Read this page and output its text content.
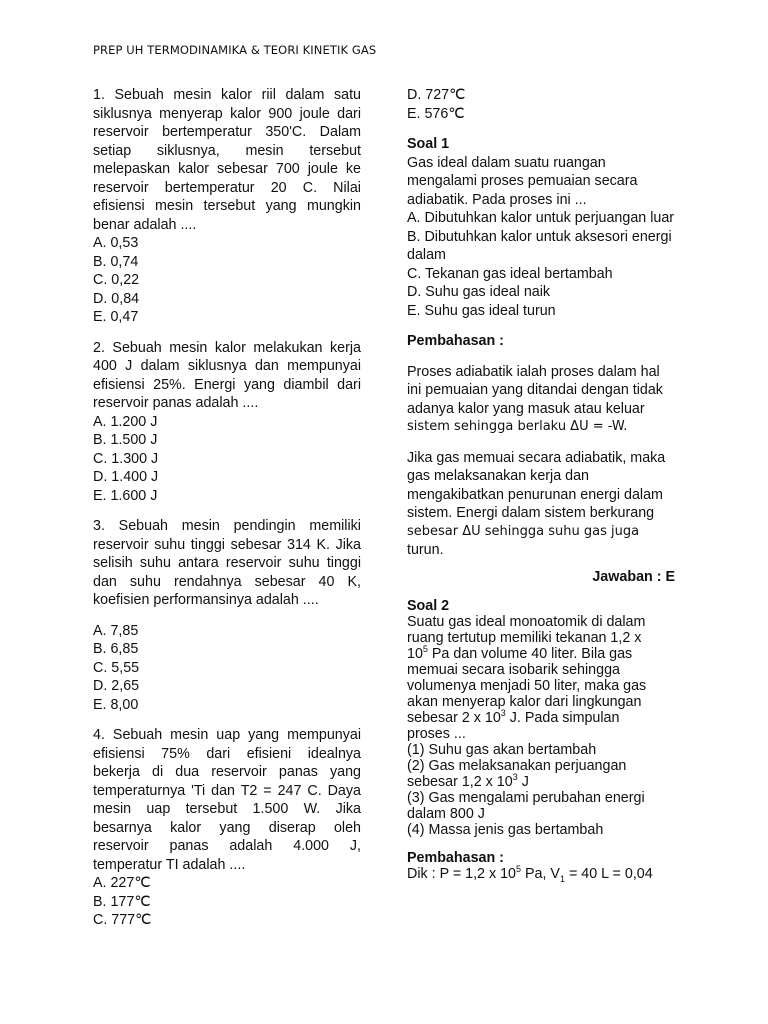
PREP UH TERMODINAMIKA & TEORI KINETIK GAS

1. Sebuah mesin kalor riil dalam satu siklusnya menyerap kalor 900 joule dari reservoir bertemperatur 350'C. Dalam setiap siklusnya, mesin tersebut melepaskan kalor sebesar 700 joule ke reservoir bertemperatur 20 C. Nilai efisiensi mesin tersebut yang mungkin benar adalah ....

A. 0,53
B. 0,74
C. 0,22
D. 0,84
E. 0,47

2. Sebuah mesin kalor melakukan kerja 400 J dalam siklusnya dan mempunyai efisiensi 25%. Energi yang diambil dari reservoir panas adalah ....

A. 1.200 J
B. 1.500 J
C. 1.300 J
D. 1.400 J
E. 1.600 J

3. Sebuah mesin pendingin memiliki reservoir suhu tinggi sebesar 314 K. Jika selisih suhu antara reservoir suhu tinggi dan suhu rendahnya sebesar 40 K, koefisien performansinya adalah ....

A. 7,85
B. 6,85
C. 5,55
D. 2,65
E. 8,00

4. Sebuah mesin uap yang mempunyai efisiensi 75% dari efisieni idealnya bekerja di dua reservoir panas yang temperaturnya 'Ti dan T2 = 247 C. Daya mesin uap tersebut 1.500 W. Jika besarnya kalor yang diserap oleh reservoir panas adalah 4.000 J, temperatur TI adalah ....

A. 227℃
B. 177℃
C. 777℃
D. 727℃
E. 576℃
Soal 1

Gas ideal dalam suatu ruangan mengalami proses pemuaian secara adiabatik. Pada proses ini ...

A. Dibutuhkan kalor untuk perjuangan luar
B. Dibutuhkan kalor untuk aksesori energi dalam
C. Tekanan gas ideal bertambah
D. Suhu gas ideal naik
E. Suhu gas ideal turun
Pembahasan :

Proses adiabatik ialah proses dalam hal ini pemuaian yang ditandai dengan tidak adanya kalor yang masuk atau keluar

sistem sehingga berlaku ΔU = -W.

Jika gas memuai secara adiabatik, maka gas melaksanakan kerja dan mengakibatkan penurunan energi dalam sistem. Energi dalam sistem berkurang

sebesar ΔU sehingga suhu gas juga

turun.

Jawaban : E
Soal 2
Suatu gas ideal monoatomik di dalam
ruang tertutup memiliki tekanan 1,2 x
$10^5$ Pa dan volume 40 liter. Bila gas
memuai secara isobarik sehingga
volumenya menjadi 50 liter, maka gas
akan menyerap kalor dari lingkungan
sebesar 2 x $10^3$ J. Pada simpulan
proses ...
(1) Suhu gas akan bertambah
(2) Gas melaksanakan perjuangan
sebesar 1,2 x $10^3$ J
(3) Gas mengalami perubahan energi
dalam 800 J
(4) Massa jenis gas bertambah
Pembahasan :
Dik : P = 1,2 x $10^5$ Pa, $V_1 = 40$ L = 0,04
